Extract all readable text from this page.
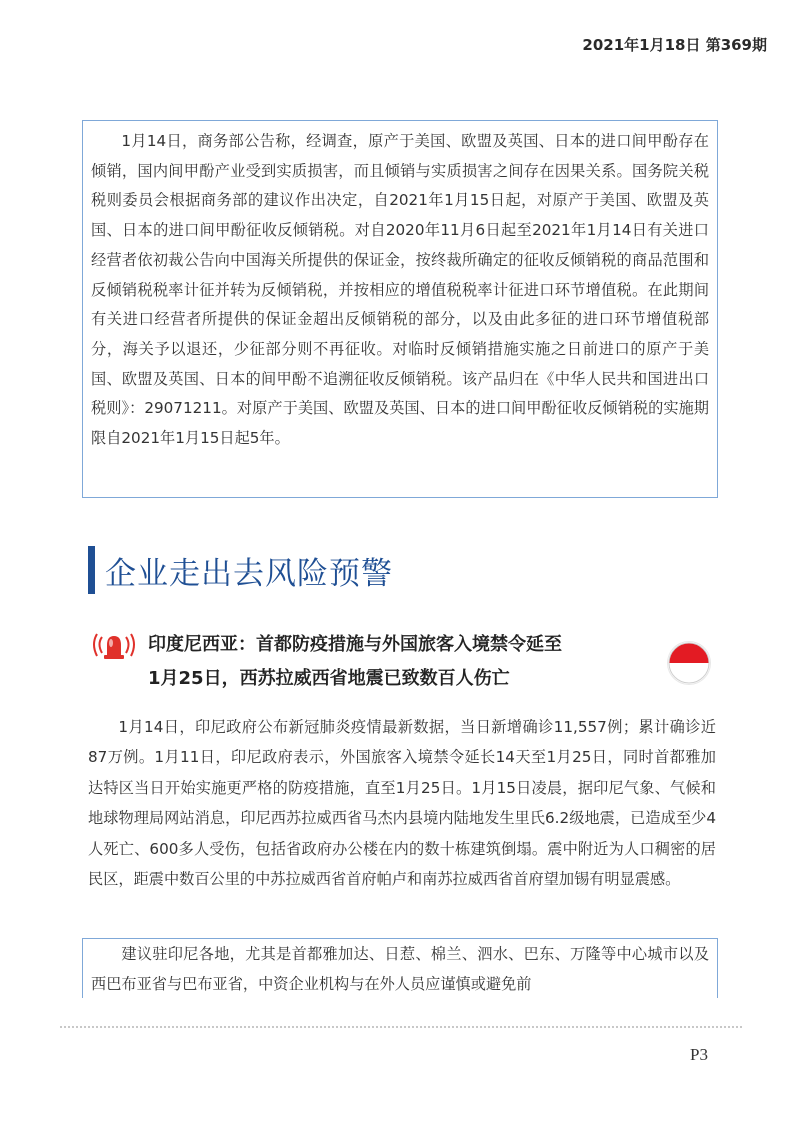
2021年1月18日 第369期

1月14日，商务部公告称，经调查，原产于美国、欧盟及英国、日本的进口间甲酚存在倾销，国内间甲酚产业受到实质损害，而且倾销与实质损害之间存在因果关系。国务院关税税则委员会根据商务部的建议作出决定，自2021年1月15日起，对原产于美国、欧盟及英国、日本的进口间甲酚征收反倾销税。对自2020年11月6日起至2021年1月14日有关进口经营者依初裁公告向中国海关所提供的保证金，按终裁所确定的征收反倾销税的商品范围和反倾销税税率计征并转为反倾销税，并按相应的增值税税率计征进口环节增值税。在此期间有关进口经营者所提供的保证金超出反倾销税的部分，以及由此多征的进口环节增值税部分，海关予以退还，少征部分则不再征收。对临时反倾销措施实施之日前进口的原产于美国、欧盟及英国、日本的间甲酚不追溯征收反倾销税。该产品归在《中华人民共和国进出口税则》：29071211。对原产于美国、欧盟及英国、日本的进口间甲酚征收反倾销税的实施期限自2021年1月15日起5年。

企业走出去风险预警
印度尼西亚：首都防疫措施与外国旅客入境禁令延至
1月25日，西苏拉威西省地震已致数百人伤亡

1月14日，印尼政府公布新冠肺炎疫情最新数据，当日新增确诊11,557例；累计确诊近87万例。1月11日，印尼政府表示，外国旅客入境禁令延长14天至1月25日，同时首都雅加达特区当日开始实施更严格的防疫措施，直至1月25日。1月15日凌晨，据印尼气象、气候和地球物理局网站消息，印尼西苏拉威西省马杰内县境内陆地发生里氏6.2级地震，已造成至少4人死亡、600多人受伤，包括省政府办公楼在内的数十栋建筑倒塌。震中附近为人口稠密的居民区，距震中数百公里的中苏拉威西省首府帕卢和南苏拉威西省首府望加锡有明显震感。

建议驻印尼各地，尤其是首都雅加达、日惹、棉兰、泗水、巴东、万隆等中心城市以及西巴布亚省与巴布亚省，中资企业机构与在外人员应谨慎或避免前

P3
